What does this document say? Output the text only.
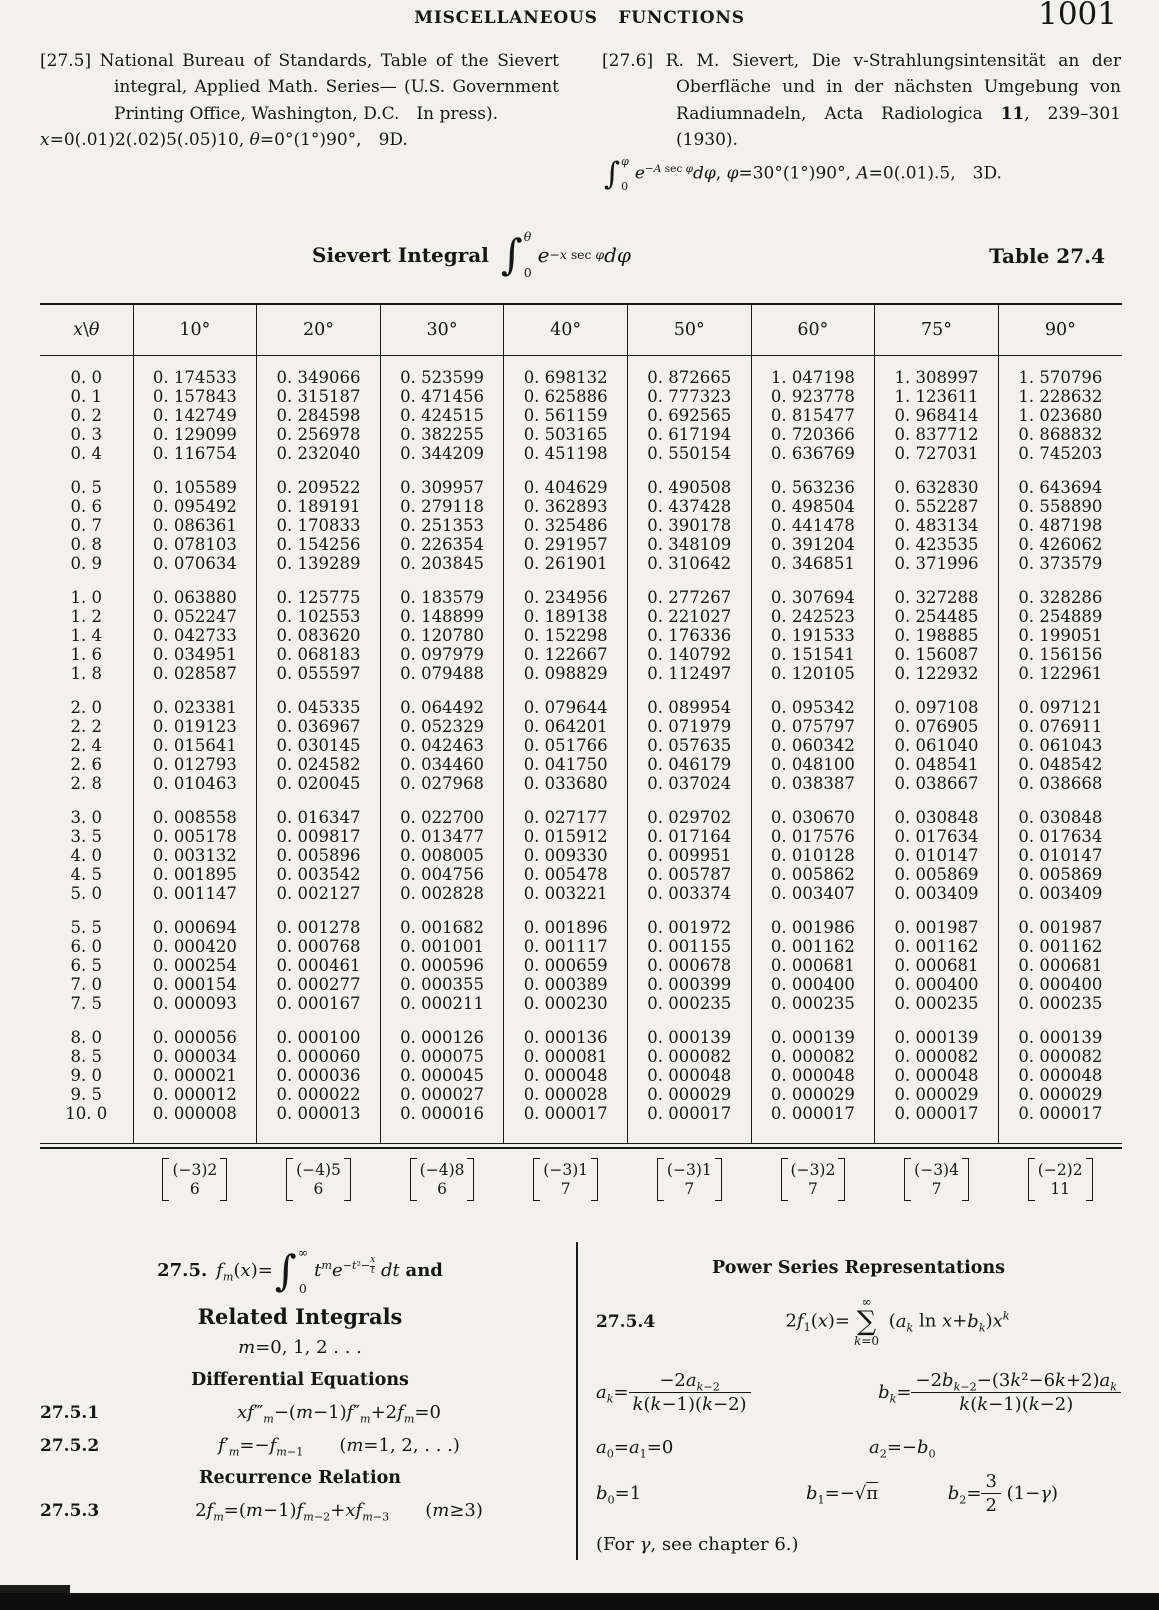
MISCELLANEOUS FUNCTIONS	1001

[27.5] National Bureau of Standards, Table of the Sievert integral, Applied Math. Series— (U.S. Government Printing Office, Washington, D.C. In press).

x=0(.01)2(.02)5(.05)10, θ=0°(1°)90°, 9D.

[27.6] R. M. Sievert, Die v-Strahlungsintensität an der Oberfläche und in der nächsten Umgebung von Radiumnadeln, Acta Radiologica 11, 239–301 (1930).

∫ φ
0
$e^{-A sec \varphi}d\varphi$, φ=30°(1°)90°, A=0(.01).5, 3D.

Sievert Integral
  ∫ θ
0
e −x sec φ dφ	Table 27.4
x\θ	10°	20°	30°	40°	50°	60°	75°	90°
0. 0	0. 174533	0. 349066	0. 523599	0. 698132	0. 872665	1. 047198	1. 308997	1. 570796
0. 1	0. 157843	0. 315187	0. 471456	0. 625886	0. 777323	0. 923778	1. 123611	1. 228632
0. 2	0. 142749	0. 284598	0. 424515	0. 561159	0. 692565	0. 815477	0. 968414	1. 023680
0. 3	0. 129099	0. 256978	0. 382255	0. 503165	0. 617194	0. 720366	0. 837712	0. 868832
0. 4	0. 116754	0. 232040	0. 344209	0. 451198	0. 550154	0. 636769	0. 727031	0. 745203

0. 5	0. 105589	0. 209522	0. 309957	0. 404629	0. 490508	0. 563236	0. 632830	0. 643694
0. 6	0. 095492	0. 189191	0. 279118	0. 362893	0. 437428	0. 498504	0. 552287	0. 558890
0. 7	0. 086361	0. 170833	0. 251353	0. 325486	0. 390178	0. 441478	0. 483134	0. 487198
0. 8	0. 078103	0. 154256	0. 226354	0. 291957	0. 348109	0. 391204	0. 423535	0. 426062
0. 9	0. 070634	0. 139289	0. 203845	0. 261901	0. 310642	0. 346851	0. 371996	0. 373579

1. 0	0. 063880	0. 125775	0. 183579	0. 234956	0. 277267	0. 307694	0. 327288	0. 328286
1. 2	0. 052247	0. 102553	0. 148899	0. 189138	0. 221027	0. 242523	0. 254485	0. 254889
1. 4	0. 042733	0. 083620	0. 120780	0. 152298	0. 176336	0. 191533	0. 198885	0. 199051
1. 6	0. 034951	0. 068183	0. 097979	0. 122667	0. 140792	0. 151541	0. 156087	0. 156156
1. 8	0. 028587	0. 055597	0. 079488	0. 098829	0. 112497	0. 120105	0. 122932	0. 122961

2. 0	0. 023381	0. 045335	0. 064492	0. 079644	0. 089954	0. 095342	0. 097108	0. 097121
2. 2	0. 019123	0. 036967	0. 052329	0. 064201	0. 071979	0. 075797	0. 076905	0. 076911
2. 4	0. 015641	0. 030145	0. 042463	0. 051766	0. 057635	0. 060342	0. 061040	0. 061043
2. 6	0. 012793	0. 024582	0. 034460	0. 041750	0. 046179	0. 048100	0. 048541	0. 048542
2. 8	0. 010463	0. 020045	0. 027968	0. 033680	0. 037024	0. 038387	0. 038667	0. 038668

3. 0	0. 008558	0. 016347	0. 022700	0. 027177	0. 029702	0. 030670	0. 030848	0. 030848
3. 5	0. 005178	0. 009817	0. 013477	0. 015912	0. 017164	0. 017576	0. 017634	0. 017634
4. 0	0. 003132	0. 005896	0. 008005	0. 009330	0. 009951	0. 010128	0. 010147	0. 010147
4. 5	0. 001895	0. 003542	0. 004756	0. 005478	0. 005787	0. 005862	0. 005869	0. 005869
5. 0	0. 001147	0. 002127	0. 002828	0. 003221	0. 003374	0. 003407	0. 003409	0. 003409

5. 5	0. 000694	0. 001278	0. 001682	0. 001896	0. 001972	0. 001986	0. 001987	0. 001987
6. 0	0. 000420	0. 000768	0. 001001	0. 001117	0. 001155	0. 001162	0. 001162	0. 001162
6. 5	0. 000254	0. 000461	0. 000596	0. 000659	0. 000678	0. 000681	0. 000681	0. 000681
7. 0	0. 000154	0. 000277	0. 000355	0. 000389	0. 000399	0. 000400	0. 000400	0. 000400
7. 5	0. 000093	0. 000167	0. 000211	0. 000230	0. 000235	0. 000235	0. 000235	0. 000235

8. 0	0. 000056	0. 000100	0. 000126	0. 000136	0. 000139	0. 000139	0. 000139	0. 000139
8. 5	0. 000034	0. 000060	0. 000075	0. 000081	0. 000082	0. 000082	0. 000082	0. 000082
9. 0	0. 000021	0. 000036	0. 000045	0. 000048	0. 000048	0. 000048	0. 000048	0. 000048
9. 5	0. 000012	0. 000022	0. 000027	0. 000028	0. 000029	0. 000029	0. 000029	0. 000029
10. 0	0. 000008	0. 000013	0. 000016	0. 000017	0. 000017	0. 000017	0. 000017	0. 000017
(−3)2
6
(−4)5
6
(−4)8
6
(−3)1
7
(−3)1
7
(−3)2
7
(−3)4
7
(−2)2
11
27.5.  $f_m(x)=$ ∫ ∞
0
$t^me^{-t^2- \frac{x}{t}}$ dt and
Related Integrals
m=0, 1, 2 . . .
Differential Equations
27.5.1	$xf‴_m-(m-1)f''_m+2f_m=0$
27.5.2	$f'_m=-f_{m-1}$  (m=1, 2, . . .)
Recurrence Relation
27.5.3	$2f_m=(m-1)f_{m-2}+xf_{m-3}$  (m≥3)
Power Series Representations
27.5.4	$2f_1(x)=$
∞
∑
k=0
($a_k$ $\ln x+b_k)x^k$
$a_k= \frac{-2a_{k-2}}{k(k-1)(k-2)}$	$b_k= \frac{-2b_{k-2}-(3k^2-6k+2)a_k}{k(k-1)(k-2)}$
$a_0=a_1=0$	$a_2=-b_0$
$b_0=1$	$b_1=-√\pi$	$b_2= \frac{3}{2} (1-\gamma)$
(For γ, see chapter 6.)
